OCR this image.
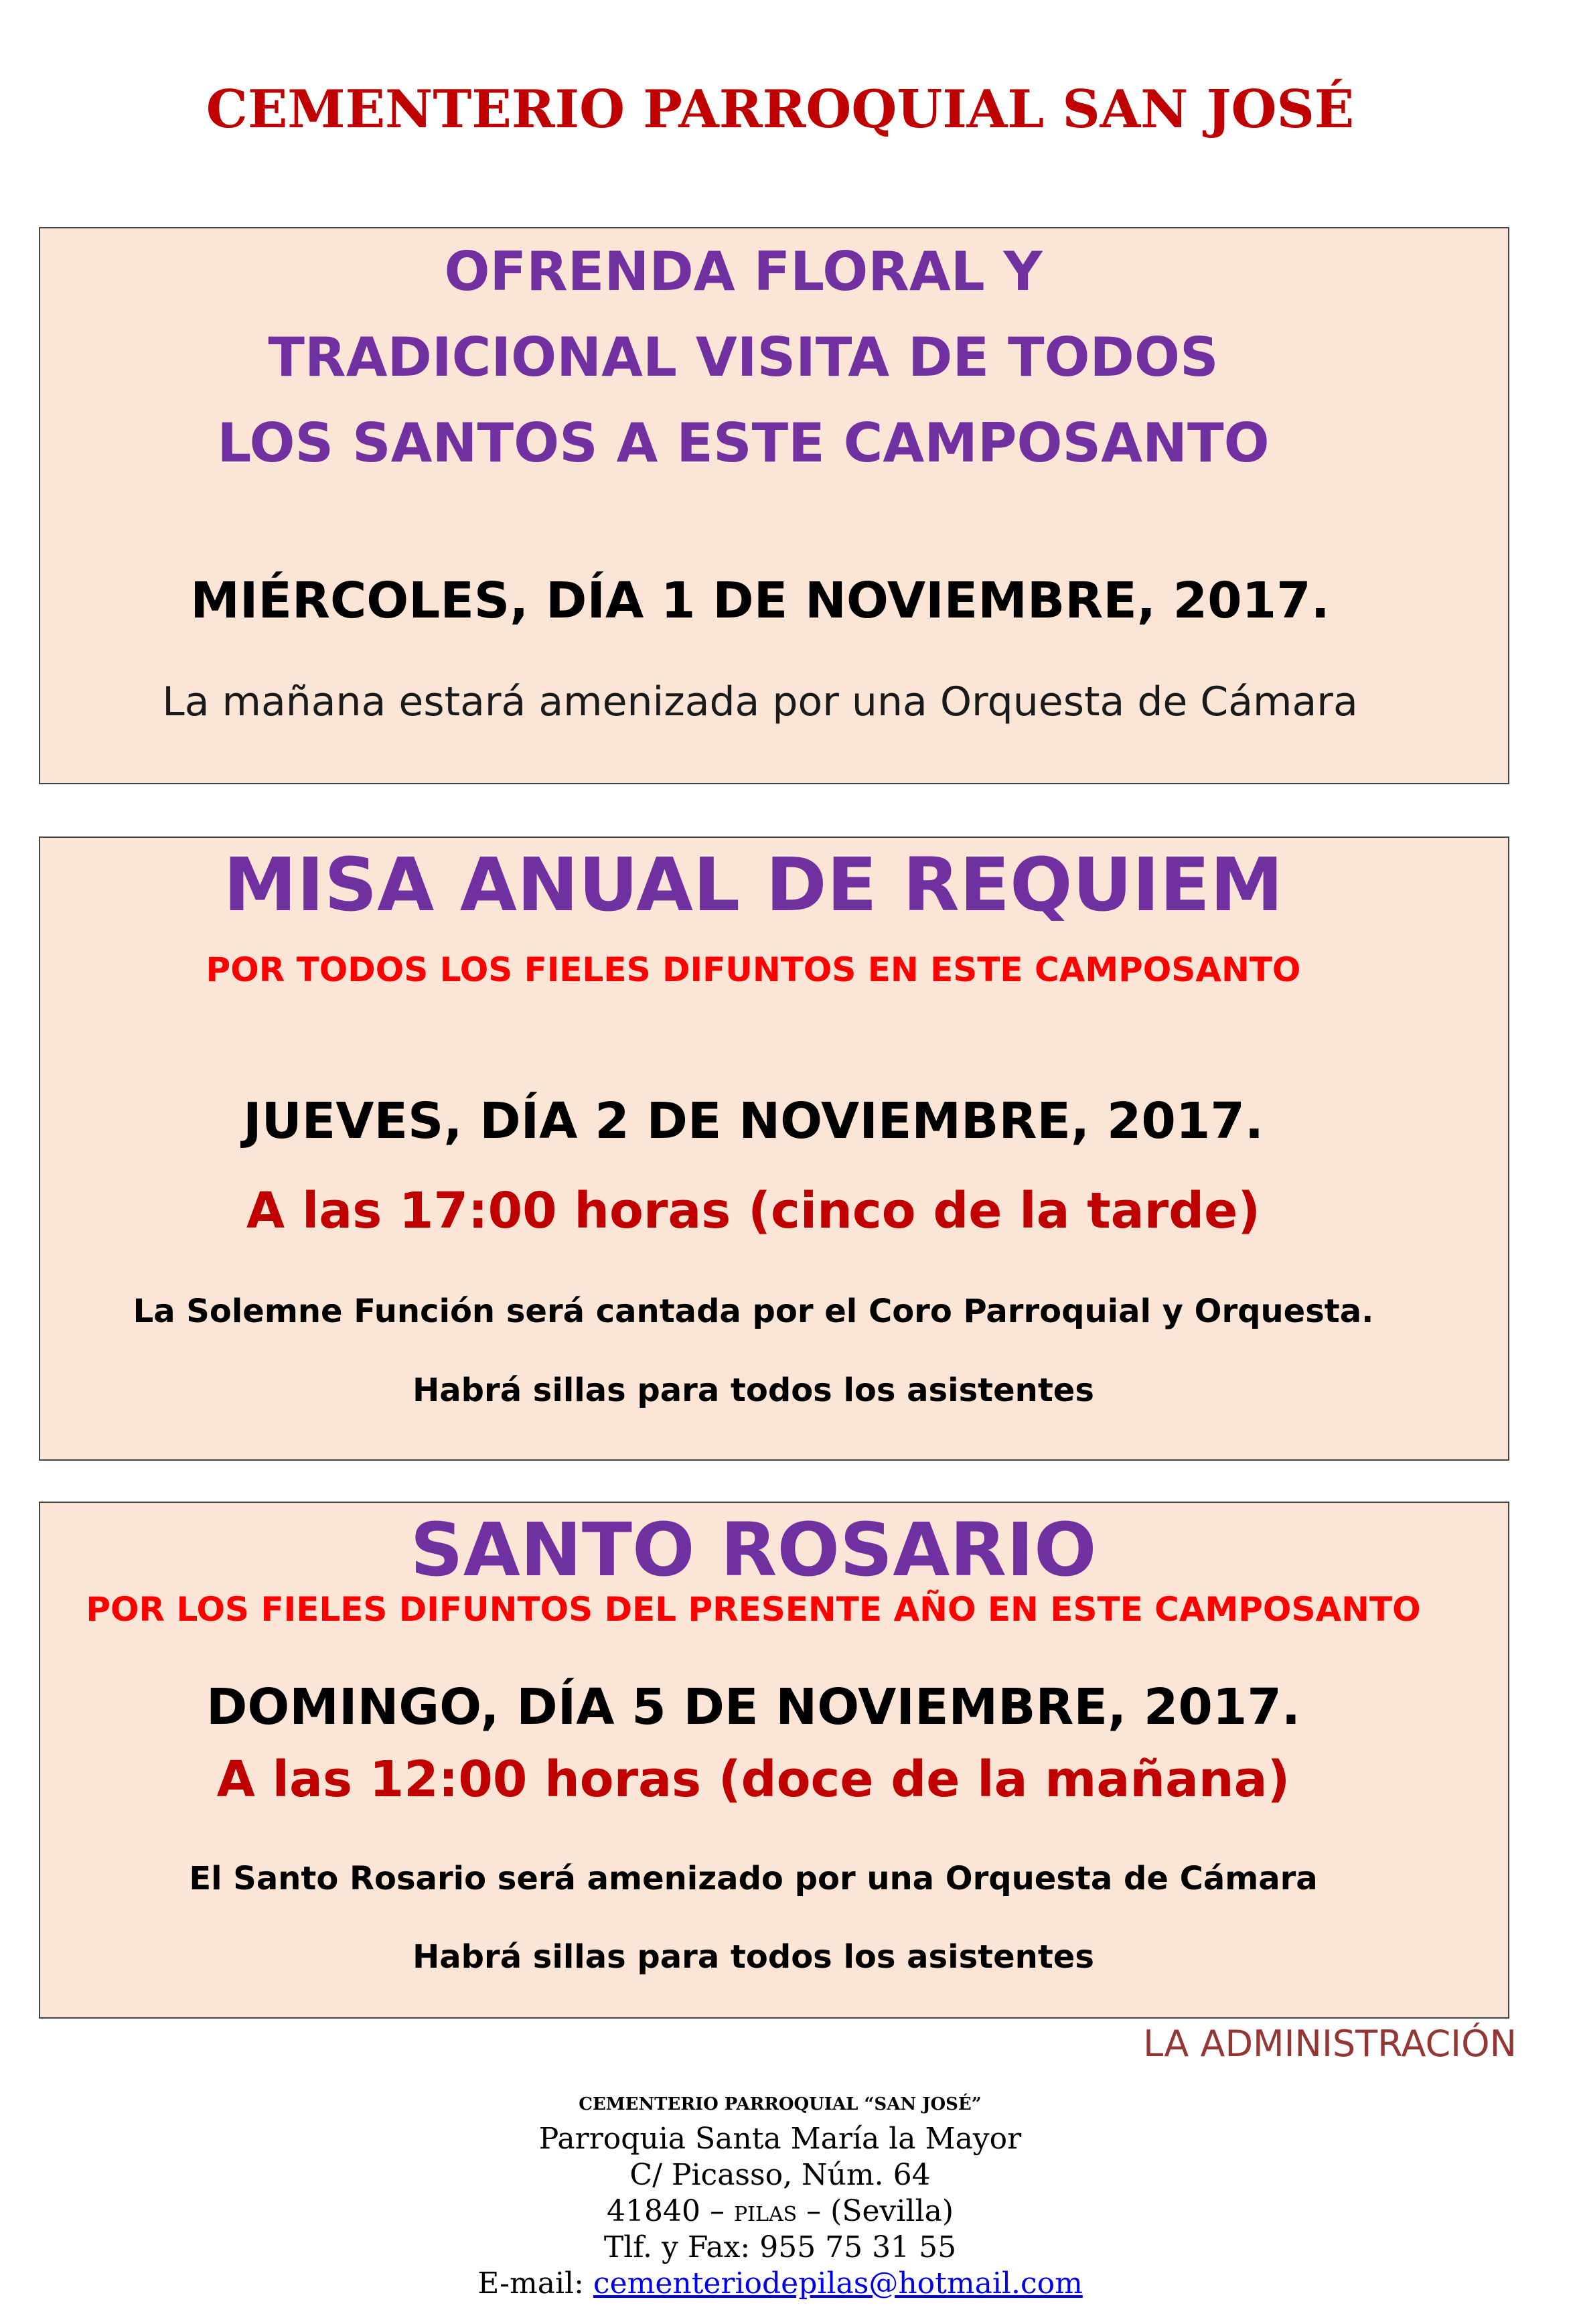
CEMENTERIO PARROQUIAL SAN JOSÉ
OFRENDA FLORAL Y
TRADICIONAL VISITA DE TODOS
LOS SANTOS A ESTE CAMPOSANTO
MIÉRCOLES, DÍA 1 DE NOVIEMBRE, 2017.
La mañana estará amenizada por una Orquesta de Cámara
MISA ANUAL DE REQUIEM
POR TODOS LOS FIELES DIFUNTOS EN ESTE CAMPOSANTO
JUEVES, DÍA 2 DE NOVIEMBRE, 2017.
A las 17:00 horas (cinco de la tarde)
La Solemne Función será cantada por el Coro Parroquial y Orquesta.
Habrá sillas para todos los asistentes
SANTO ROSARIO
POR LOS FIELES DIFUNTOS DEL PRESENTE AÑO EN ESTE CAMPOSANTO
DOMINGO, DÍA 5 DE NOVIEMBRE, 2017.
A las 12:00 horas (doce de la mañana)
El Santo Rosario será amenizado por una Orquesta de Cámara
Habrá sillas para todos los asistentes
LA ADMINISTRACIÓN
CEMENTERIO PARROQUIAL “SAN JOSÉ”
Parroquia Santa María la Mayor
C/ Picasso, Núm. 64
41840 – PILAS – (Sevilla)
Tlf. y Fax: 955 75 31 55
E-mail: cementeriodepilas@hotmail.com
